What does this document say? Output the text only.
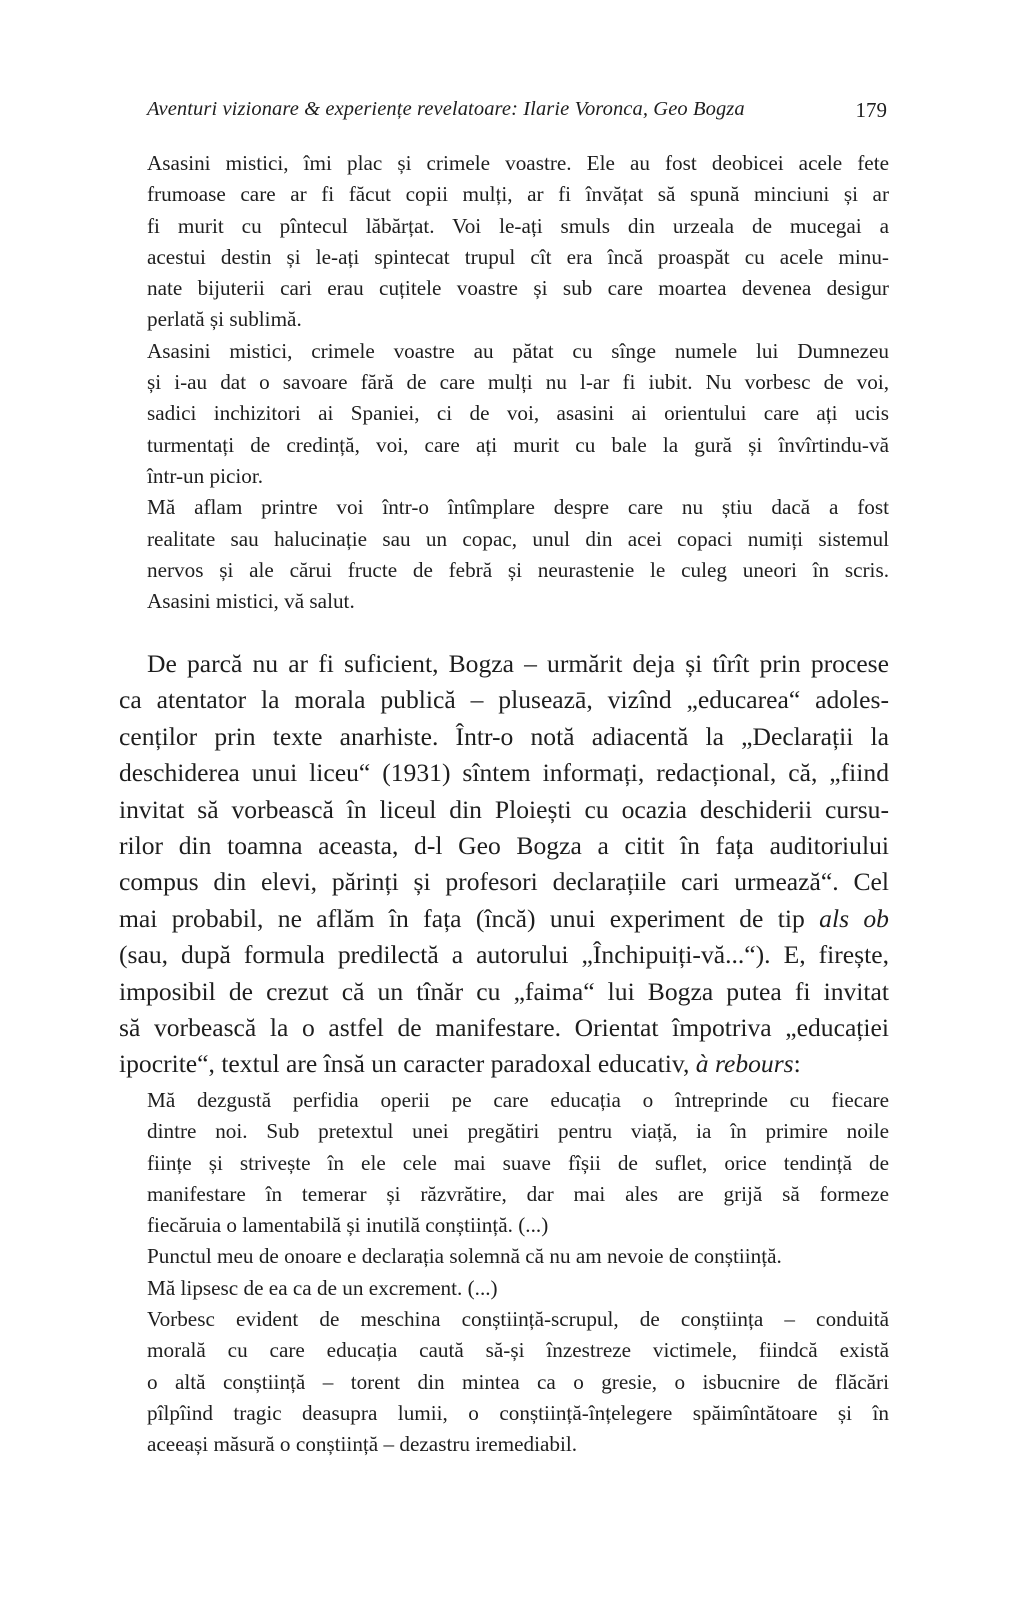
Aventuri vizionare & experiențe revelatoare: Ilarie Voronca, Geo Bogza	179
Asasini mistici, îmi plac și crimele voastre. Ele au fost deobicei acele fete
frumoase care ar fi făcut copii mulți, ar fi învățat să spună minciuni și ar
fi murit cu pîntecul lăbărțat. Voi le-ați smuls din urzeala de mucegai a
acestui destin și le-ați spintecat trupul cît era încă proaspăt cu acele minu-
nate bijuterii cari erau cuțitele voastre și sub care moartea devenea desigur
perlată și sublimă.
Asasini mistici, crimele voastre au pătat cu sînge numele lui Dumnezeu
și i-au dat o savoare fără de care mulți nu l-ar fi iubit. Nu vorbesc de voi,
sadici inchizitori ai Spaniei, ci de voi, asasini ai orientului care ați ucis
turmentați de credință, voi, care ați murit cu bale la gură și învîrtindu-vă
într-un picior.
Mă aflam printre voi într-o întîmplare despre care nu știu dacă a fost
realitate sau halucinație sau un copac, unul din acei copaci numiți sistemul
nervos și ale cărui fructe de febră și neurastenie le culeg uneori în scris.
Asasini mistici, vă salut.
De parcă nu ar fi suficient, Bogza – urmărit deja și tîrît prin procese
ca atentator la morala publică – pluseazā, vizînd „educarea“ adoles-
cenților prin texte anarhiste. Într-o notă adiacentă la „Declarații la
deschiderea unui liceu“ (1931) sîntem informați, redacțional, că, „fiind
invitat să vorbească în liceul din Ploiești cu ocazia deschiderii cursu-
rilor din toamna aceasta, d-l Geo Bogza a citit în fața auditoriului
compus din elevi, părinți și profesori declarațiile cari urmează“. Cel
mai probabil, ne aflăm în fața (încă) unui experiment de tip als ob
(sau, după formula predilectă a autorului „Închipuiți-vă...“). E, firește,
imposibil de crezut că un tînăr cu „faima“ lui Bogza putea fi invitat
să vorbească la o astfel de manifestare. Orientat împotriva „educației
ipocrite“, textul are însă un caracter paradoxal educativ, à rebours:
Mă dezgustă perfidia operii pe care educația o întreprinde cu fiecare
dintre noi. Sub pretextul unei pregătiri pentru viață, ia în primire noile
ființe și strivește în ele cele mai suave fîșii de suflet, orice tendință de
manifestare în temerar și răzvrătire, dar mai ales are grijă să formeze
fiecăruia o lamentabilă și inutilă conștiință. (...)
Punctul meu de onoare e declarația solemnă că nu am nevoie de conștiință.
Mă lipsesc de ea ca de un excrement. (...)
Vorbesc evident de meschina conștiință-scrupul, de conștiința – conduită
morală cu care educația caută să-și înzestreze victimele, fiindcă există
o altă conștiință – torent din mintea ca o gresie, o isbucnire de flăcări
pîlpîind tragic deasupra lumii, o conștiință-înțelegere spăimîntătoare și în
aceeași măsură o conștiință – dezastru iremediabil.
